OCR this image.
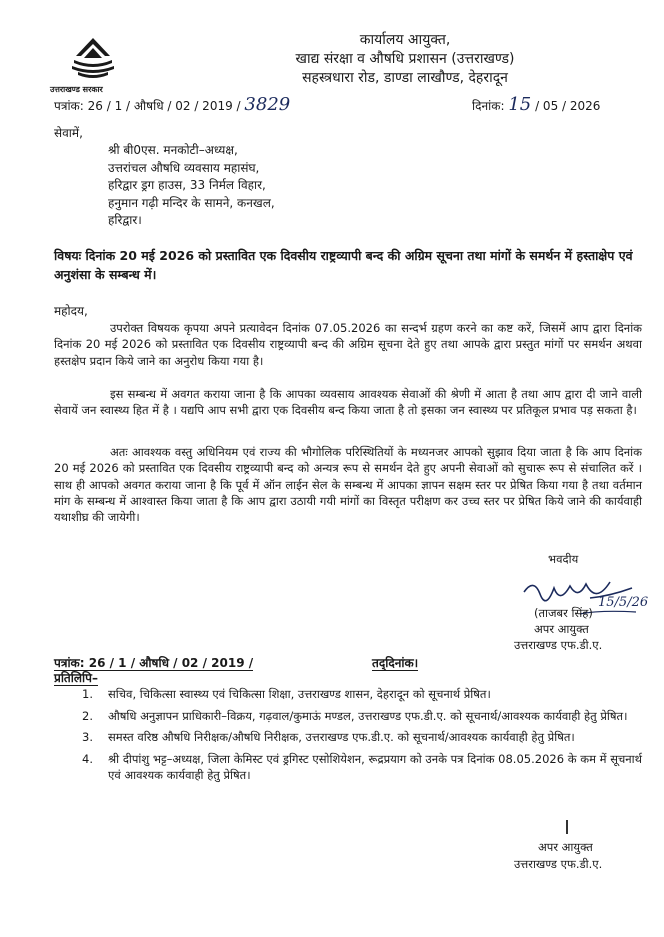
उत्तराखण्ड सरकार
कार्यालय आयुक्त,
खाद्य संरक्षा व औषधि प्रशासन (उत्तराखण्ड)
सहस्त्रधारा रोड, डाण्डा लाखौण्ड, देहरादून
पत्रांक: 26 / 1 / औषधि / 02 / 2019 / 3829	दिनांक: 15 / 05 / 2026
सेवामें,
श्री बी0एस. मनकोटी–अध्यक्ष,
उत्तरांचल औषधि व्यवसाय महासंघ,
हरिद्वार ड्रग हाउस, 33 निर्मल विहार,
हनुमान गढ़ी मन्दिर के सामने, कनखल,
हरिद्वार।
विषयः दिनांक 20 मई 2026 को प्रस्तावित एक दिवसीय राष्ट्रव्यापी बन्द की अग्रिम सूचना तथा मांगों के समर्थन में हस्ताक्षेप एवं अनुशंसा के सम्बन्ध में।
महोदय,
उपरोक्त विषयक कृपया अपने प्रत्यावेदन दिनांक 07.05.2026 का सन्दर्भ ग्रहण करने का कष्ट करें, जिसमें आप द्वारा दिनांक दिनांक 20 मई 2026 को प्रस्तावित एक दिवसीय राष्ट्रव्यापी बन्द की अग्रिम सूचना देते हुए तथा आपके द्वारा प्रस्तुत मांगों पर समर्थन अथवा हस्तक्षेप प्रदान किये जाने का अनुरोध किया गया है।
इस सम्बन्ध में अवगत कराया जाना है कि आपका व्यवसाय आवश्यक सेवाओं की श्रेणी में आता है तथा आप द्वारा दी जाने वाली सेवायें जन स्वास्थ्य हित में है । यद्यपि आप सभी द्वारा एक दिवसीय बन्द किया जाता है तो इसका जन स्वास्थ्य पर प्रतिकूल प्रभाव पड़ सकता है।
अतः आवश्यक वस्तु अधिनियम एवं राज्य की भौगोलिक परिस्थितियों के मध्यनजर आपको सुझाव दिया जाता है कि आप दिनांक 20 मई 2026 को प्रस्तावित एक दिवसीय राष्ट्रव्यापी बन्द को अन्यत्र रूप से समर्थन देते हुए अपनी सेवाओं को सुचारू रूप से संचालित करें । साथ ही आपको अवगत कराया जाना है कि पूर्व में ऑन लाईन सेल के सम्बन्ध में आपका ज्ञापन सक्षम स्तर पर प्रेषित किया गया है तथा वर्तमान मांग के सम्बन्ध में आश्वास्त किया जाता है कि आप द्वारा उठायी गयी मांगों का विस्तृत परीक्षण कर उच्च स्तर पर प्रेषित किये जाने की कार्यवाही यथाशीघ्र की जायेगी।
भवदीय
15/5/26
(ताजबर सिंह)
अपर आयुक्त
उत्तराखण्ड एफ.डी.ए.
पत्रांक: 26 / 1 / औषधि / 02 / 2019 /	तद्‌दिनांक।
प्रतिलिपि–
1.	सचिव, चिकित्सा स्वास्थ्य एवं चिकित्सा शिक्षा, उत्तराखण्ड शासन, देहरादून को सूचनार्थ प्रेषित।
2.	औषधि अनुज्ञापन प्राधिकारी–विक्रय, गढ़वाल/कुमाऊं मण्डल, उत्तराखण्ड एफ.डी.ए. को सूचनार्थ/आवश्यक कार्यवाही हेतु प्रेषित।
3.	समस्त वरिष्ठ औषधि निरीक्षक/औषधि निरीक्षक, उत्तराखण्ड एफ.डी.ए. को सूचनार्थ/आवश्यक कार्यवाही हेतु प्रेषित।
4.	श्री दीपांशु भट्ट–अध्यक्ष, जिला केमिस्ट एवं ड्रगिस्ट एसोशियेशन, रूद्रप्रयाग को उनके पत्र दिनांक 08.05.2026 के कम में सूचनार्थ एवं आवश्यक कार्यवाही हेतु प्रेषित।
अपर आयुक्त
उत्तराखण्ड एफ.डी.ए.
